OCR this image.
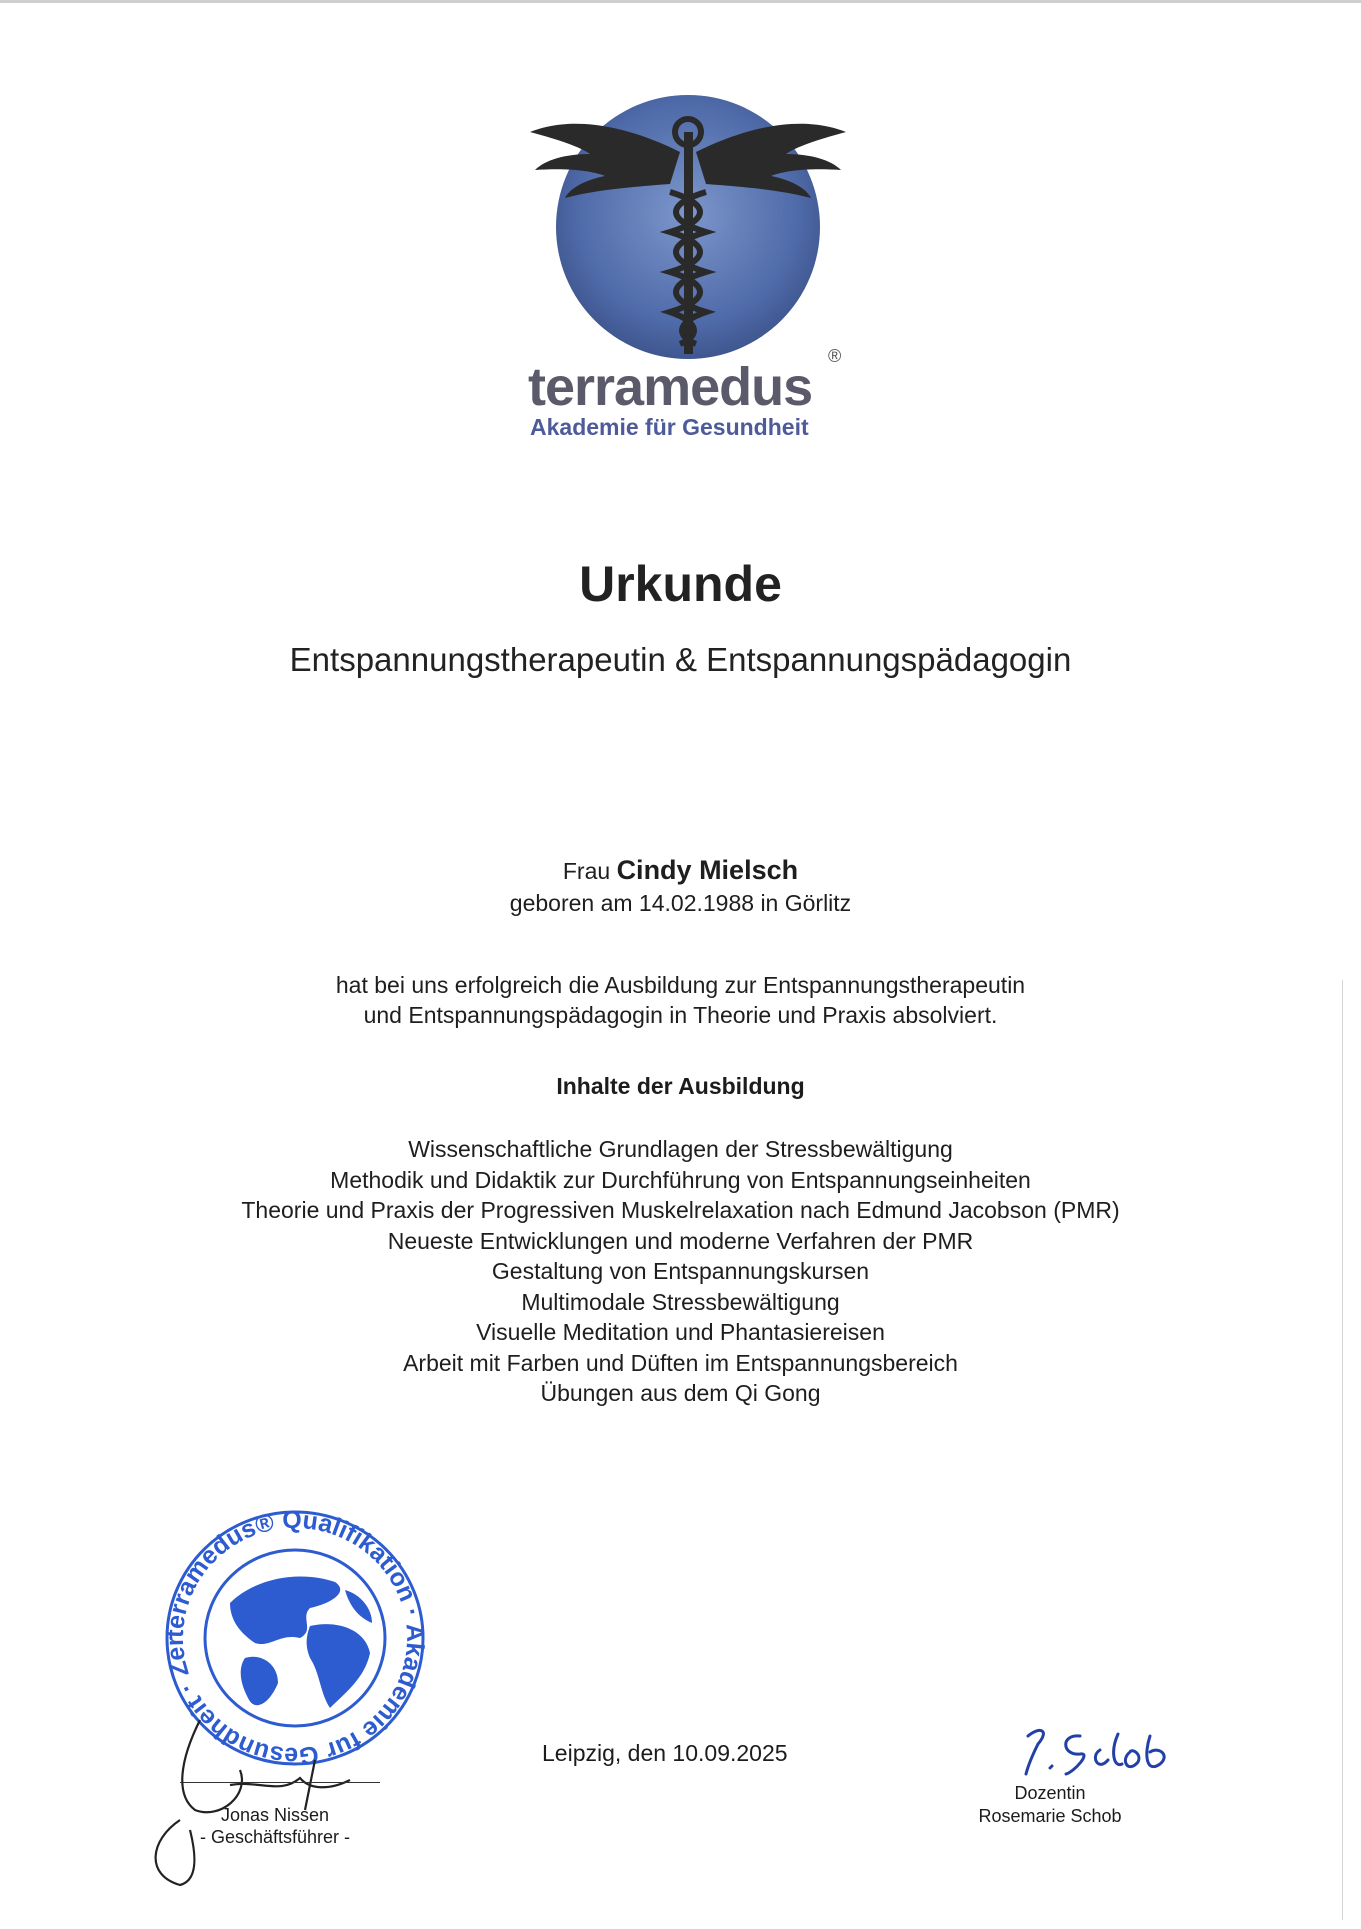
terramedus
®
Akademie für Gesundheit
Urkunde
Entspannungstherapeutin & Entspannungspädagogin
Frau Cindy Mielsch
geboren am 14.02.1988 in Görlitz
hat bei uns erfolgreich die Ausbildung zur Entspannungstherapeutin
und Entspannungspädagogin in Theorie und Praxis absolviert.
Inhalte der Ausbildung
Wissenschaftliche Grundlagen der Stressbewältigung
Methodik und Didaktik zur Durchführung von Entspannungseinheiten
Theorie und Praxis der Progressiven Muskelrelaxation nach Edmund Jacobson (PMR)
Neueste Entwicklungen und moderne Verfahren der PMR
Gestaltung von Entspannungskursen
Multimodale Stressbewältigung
Visuelle Meditation und Phantasiereisen
Arbeit mit Farben und Düften im Entspannungsbereich
Übungen aus dem Qi Gong
terramedus® Qualifikation · Akademie für Gesundheit · Zer
Jonas Nissen
- Geschäftsführer -
Leipzig, den 10.09.2025
Dozentin
Rosemarie Schob
